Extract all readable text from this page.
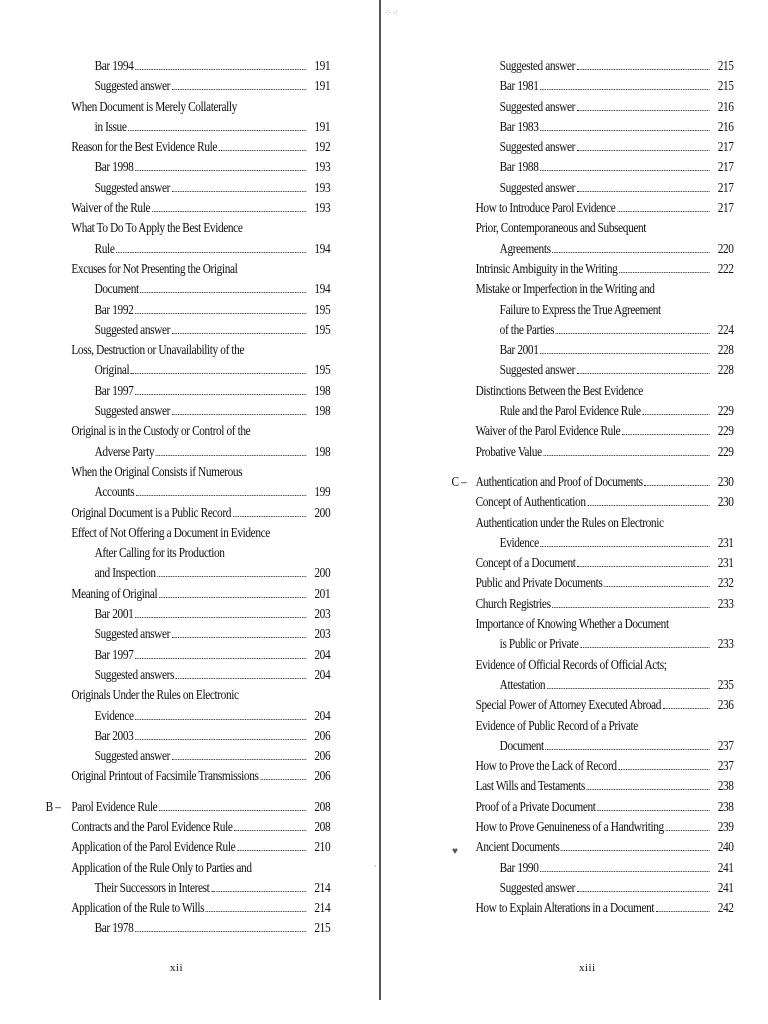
⁘⁖
♥
·
Bar 1994	191
Suggested answer	191
When Document is Merely Collaterally
in Issue	191
Reason for the Best Evidence Rule	192
Bar 1998	193
Suggested answer	193
Waiver of the Rule	193
What To Do To Apply the Best Evidence
Rule	194
Excuses for Not Presenting the Original
Document	194
Bar 1992	195
Suggested answer	195
Loss, Destruction or Unavailability of the
Original	195
Bar 1997	198
Suggested answer	198
Original is in the Custody or Control of the
Adverse Party	198
When the Original Consists if Numerous
Accounts	199
Original Document is a Public Record	200
Effect of Not Offering a Document in Evidence
After Calling for its Production
and Inspection	200
Meaning of Original	201
Bar 2001	203
Suggested answer	203
Bar 1997	204
Suggested answers	204
Originals Under the Rules on Electronic
Evidence	204
Bar 2003	206
Suggested answer	206
Original Printout of Facsimile Transmissions	206
B – Parol Evidence Rule	208
Contracts and the Parol Evidence Rule	208
Application of the Parol Evidence Rule	210
Application of the Rule Only to Parties and
Their Successors in Interest	214
Application of the Rule to Wills	214
Bar 1978	215
xii
Suggested answer	215
Bar 1981	215
Suggested answer	216
Bar 1983	216
Suggested answer	217
Bar 1988	217
Suggested answer	217
How to Introduce Parol Evidence	217
Prior, Contemporaneous and Subsequent
Agreements	220
Intrinsic Ambiguity in the Writing	222
Mistake or Imperfection in the Writing and
Failure to Express the True Agreement
of the Parties	224
Bar 2001	228
Suggested answer	228
Distinctions Between the Best Evidence
Rule and the Parol Evidence Rule	229
Waiver of the Parol Evidence Rule	229
Probative Value	229
C – Authentication and Proof of Documents	230
Concept of Authentication	230
Authentication under the Rules on Electronic
Evidence	231
Concept of a Document	231
Public and Private Documents	232
Church Registries	233
Importance of Knowing Whether a Document
is Public or Private	233
Evidence of Official Records of Official Acts;
Attestation	235
Special Power of Attorney Executed Abroad	236
Evidence of Public Record of a Private
Document	237
How to Prove the Lack of Record	237
Last Wills and Testaments	238
Proof of a Private Document	238
How to Prove Genuineness of a Handwriting	239
Ancient Documents	240
Bar 1990	241
Suggested answer	241
How to Explain Alterations in a Document	242
xiii
